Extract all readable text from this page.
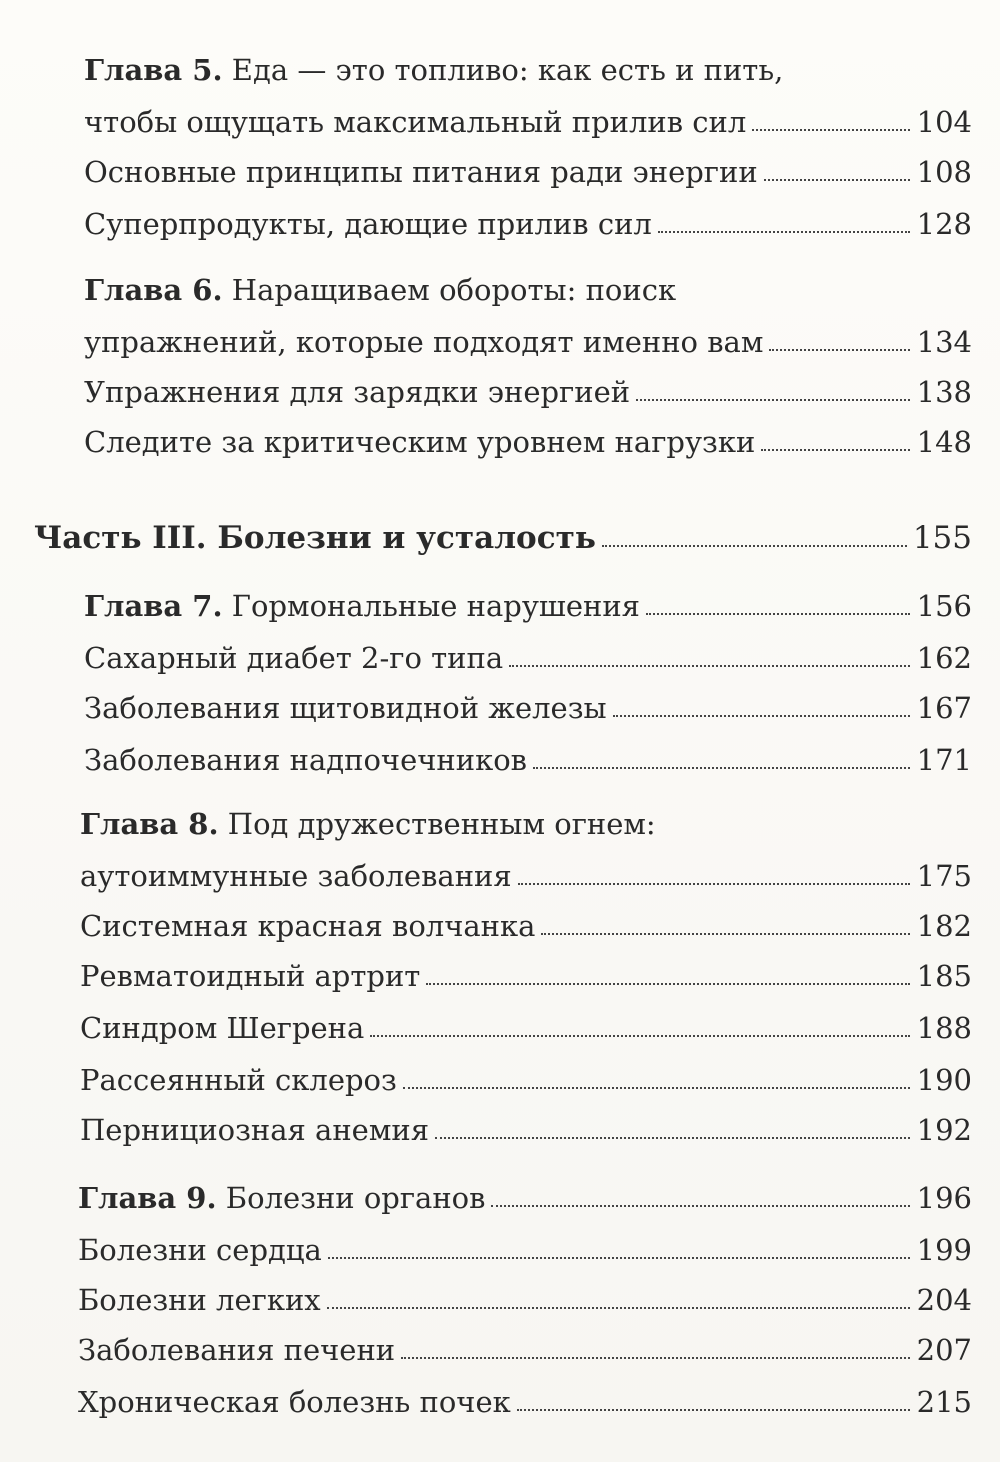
Глава 5. Еда — это топливо: как есть и пить,
чтобы ощущать максимальный прилив сил	104
Основные принципы питания ради энергии	108
Суперпродукты, дающие прилив сил	128
Глава 6. Наращиваем обороты: поиск
упражнений, которые подходят именно вам	134
Упражнения для зарядки энергией	138
Следите за критическим уровнем нагрузки	148
Часть III. Болезни и усталость	155
Глава 7. Гормональные нарушения	156
Сахарный диабет 2-го типа	162
Заболевания щитовидной железы	167
Заболевания надпочечников	171
Глава 8. Под дружественным огнем:
аутоиммунные заболевания	175
Системная красная волчанка	182
Ревматоидный артрит	185
Синдром Шегрена	188
Рассеянный склероз	190
Пернициозная анемия	192
Глава 9. Болезни органов	196
Болезни сердца	199
Болезни легких	204
Заболевания печени	207
Хроническая болезнь почек	215
